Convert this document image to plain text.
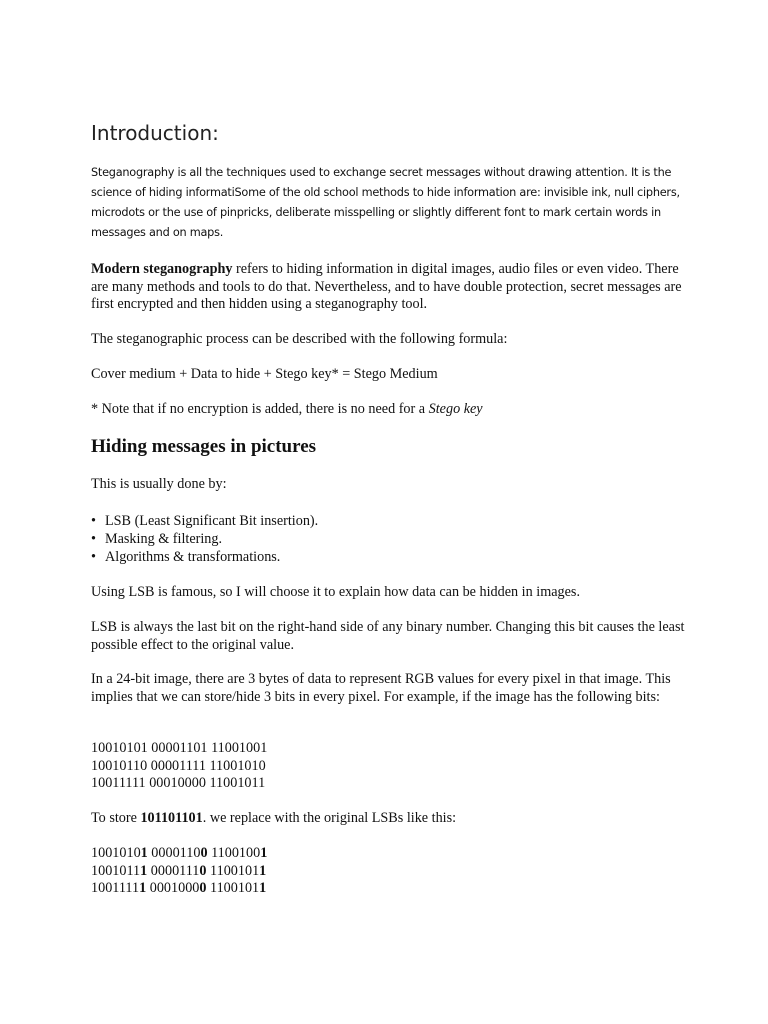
Introduction:

Steganography is all the techniques used to exchange secret messages without drawing attention. It is the science of hiding informatiSome of the old school methods to hide information are: invisible ink, null ciphers, microdots or the use of pinpricks, deliberate misspelling or slightly different font to mark certain words in messages and on maps.

Modern steganography refers to hiding information in digital images, audio files or even video. There are many methods and tools to do that. Nevertheless, and to have double protection, secret messages are first encrypted and then hidden using a steganography tool.

The steganographic process can be described with the following formula:

Cover medium + Data to hide + Stego key* = Stego Medium

* Note that if no encryption is added, there is no need for a Stego key

Hiding messages in pictures

This is usually done by:

• LSB (Least Significant Bit insertion).
• Masking & filtering.
• Algorithms & transformations.

Using LSB is famous, so I will choose it to explain how data can be hidden in images.

LSB is always the last bit on the right-hand side of any binary number. Changing this bit causes the least possible effect to the original value.

In a 24-bit image, there are 3 bytes of data to represent RGB values for every pixel in that image. This implies that we can store/hide 3 bits in every pixel. For example, if the image has the following bits:

10010101 00001101 11001001
10010110 00001111 11001010
10011111 00010000 11001011

To store 101101101. we replace with the original LSBs like this:

10010101 00001100 11001001
10010111 00001110 11001011
10011111 00010000 11001011
